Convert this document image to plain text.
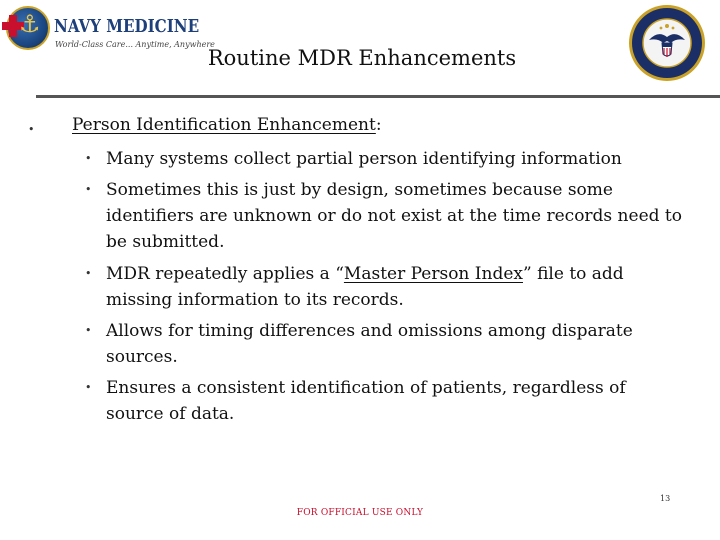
⚓ NAVY MEDICINE
World-Class Care... Anytime, Anywhere
Routine MDR Enhancements
• Person Identification Enhancement:
• Many systems collect partial person identifying information
• Sometimes this is just by design, sometimes because some identifiers are unknown or do not exist at the time records need to be submitted.
• MDR repeatedly applies a “Master Person Index” file to add missing information to its records.
• Allows for timing differences and omissions among disparate sources.
• Ensures a consistent identification of patients, regardless of source of data.
13
FOR OFFICIAL USE ONLY
